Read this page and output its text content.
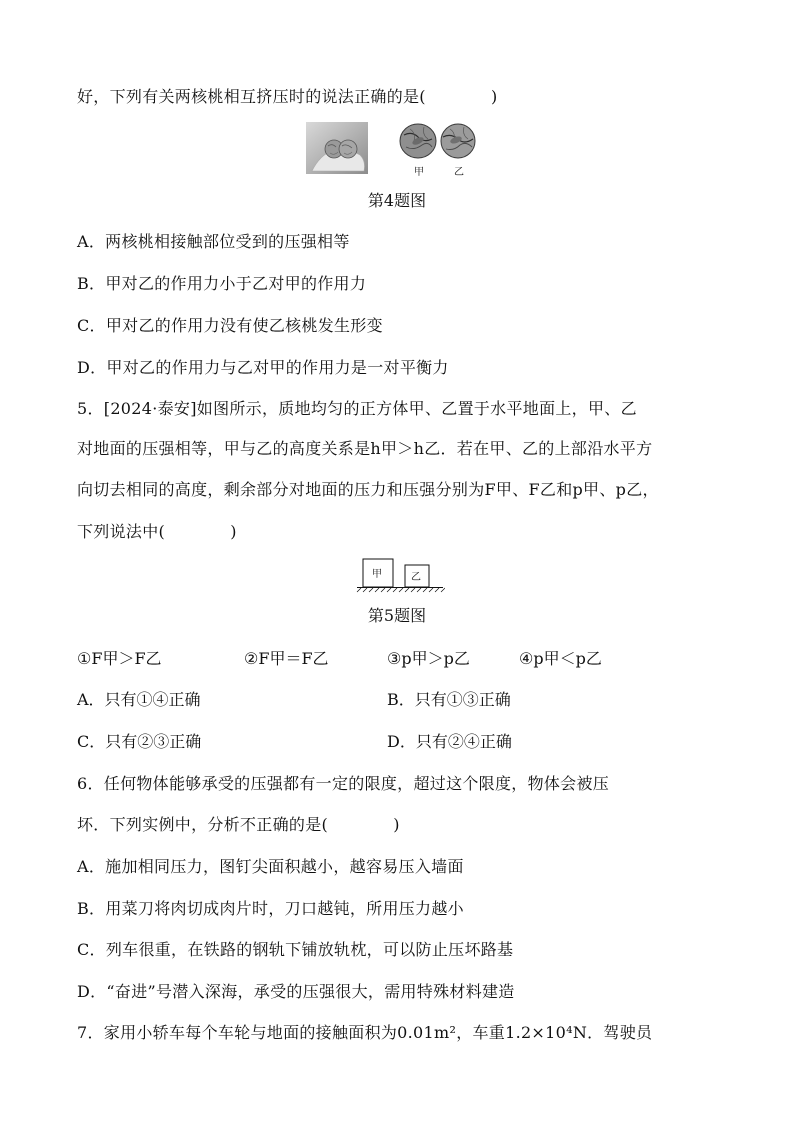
好，下列有关两核桃相互挤压时的说法正确的是(　　　　)
甲	乙
第4题图
A．两核桃相接触部位受到的压强相等
B．甲对乙的作用力小于乙对甲的作用力
C．甲对乙的作用力没有使乙核桃发生形变
D．甲对乙的作用力与乙对甲的作用力是一对平衡力
5．[2024·泰安]如图所示，质地均匀的正方体甲、乙置于水平地面上，甲、乙
对地面的压强相等，甲与乙的高度关系是h甲＞h乙．若在甲、乙的上部沿水平方
向切去相同的高度，剩余部分对地面的压力和压强分别为F甲、F乙和p甲、p乙，
下列说法中(　　　　)
甲	乙
第5题图
①F甲＞F乙	②F甲＝F乙	③p甲＞p乙	④p甲＜p乙
A．只有①④正确	B．只有①③正确
C．只有②③正确	D．只有②④正确
6．任何物体能够承受的压强都有一定的限度，超过这个限度，物体会被压
坏．下列实例中，分析不正确的是(　　　　)
A．施加相同压力，图钉尖面积越小，越容易压入墙面
B．用菜刀将肉切成肉片时，刀口越钝，所用压力越小
C．列车很重，在铁路的钢轨下铺放轨枕，可以防止压坏路基
D．“奋进”号潜入深海，承受的压强很大，需用特殊材料建造
7．家用小轿车每个车轮与地面的接触面积为0.01m²，车重1.2×10⁴N．驾驶员
